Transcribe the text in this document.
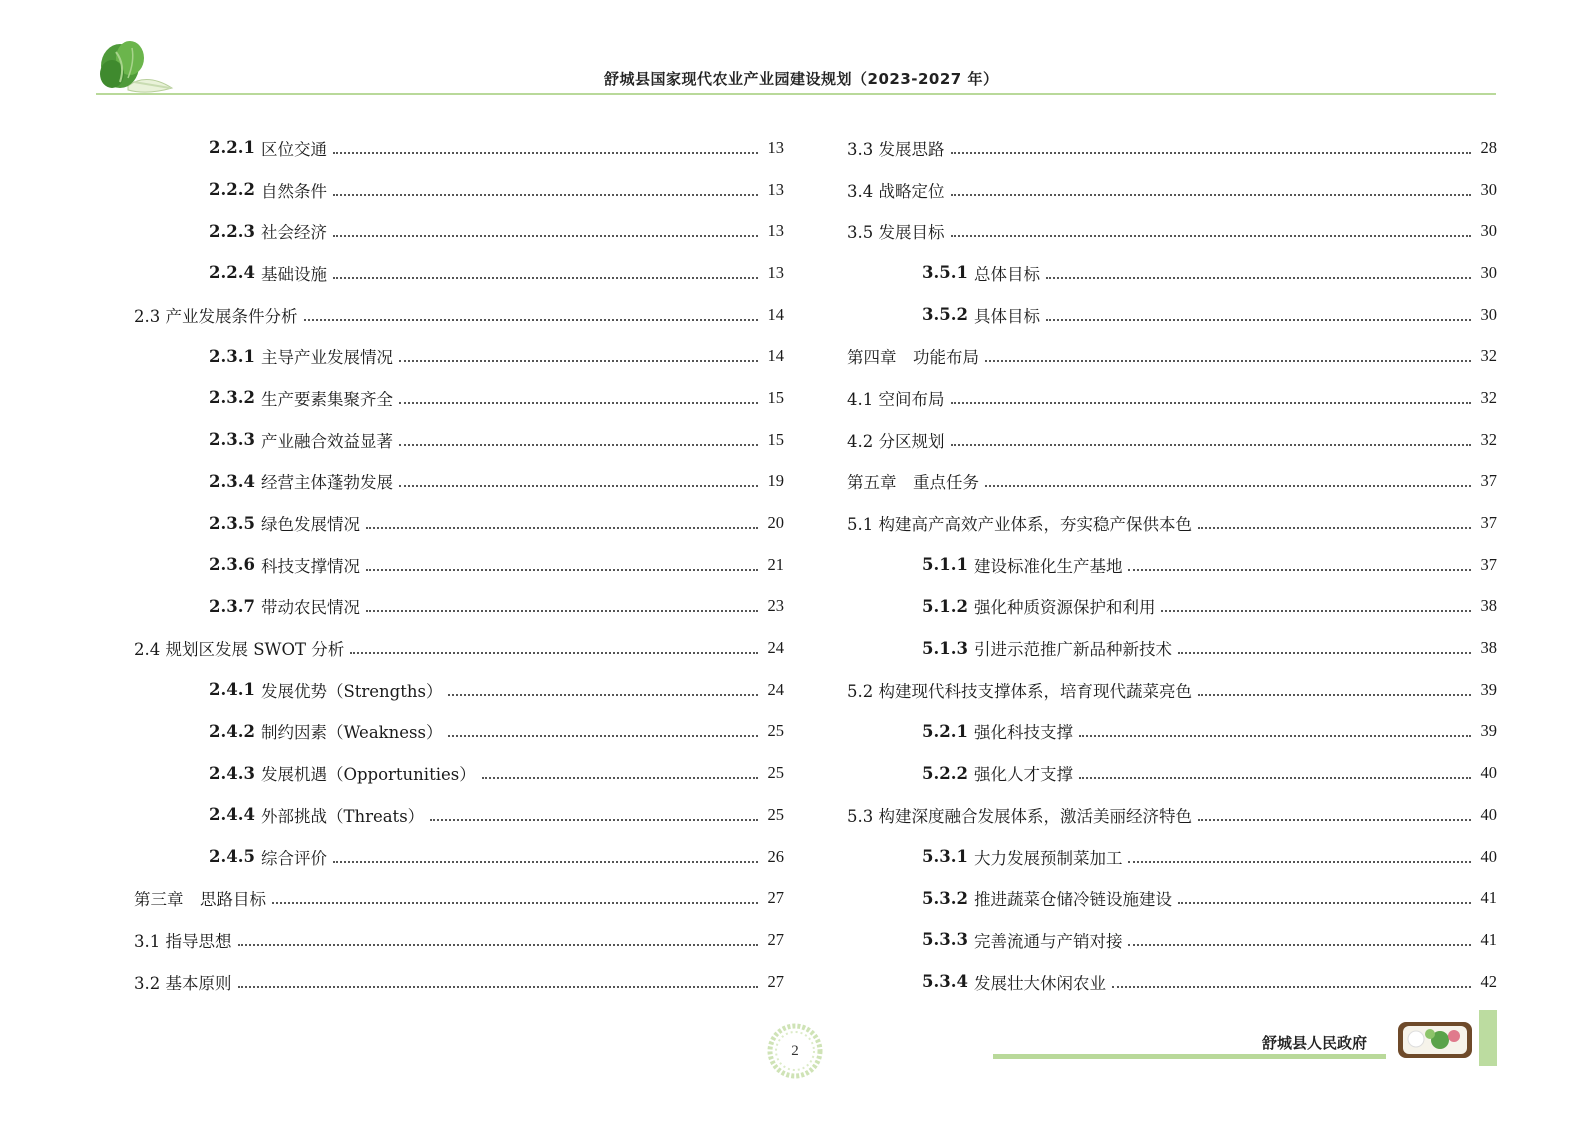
舒城县国家现代农业产业园建设规划（2023-2027 年）
2.2.1 区位交通	13
2.2.2 自然条件	13
2.2.3 社会经济	13
2.2.4 基础设施	13
2.3 产业发展条件分析	14
2.3.1 主导产业发展情况	14
2.3.2 生产要素集聚齐全	15
2.3.3 产业融合效益显著	15
2.3.4 经营主体蓬勃发展	19
2.3.5 绿色发展情况	20
2.3.6 科技支撑情况	21
2.3.7 带动农民情况	23
2.4 规划区发展 SWOT 分析	24
2.4.1 发展优势（Strengths）	24
2.4.2 制约因素（Weakness）	25
2.4.3 发展机遇（Opportunities）	25
2.4.4 外部挑战（Threats）	25
2.4.5 综合评价	26
第三章　思路目标	27
3.1 指导思想	27
3.2 基本原则	27
3.3 发展思路	28
3.4 战略定位	30
3.5 发展目标	30
3.5.1 总体目标	30
3.5.2 具体目标	30
第四章　功能布局	32
4.1 空间布局	32
4.2 分区规划	32
第五章　重点任务	37
5.1 构建高产高效产业体系，夯实稳产保供本色	37
5.1.1 建设标准化生产基地	37
5.1.2 强化种质资源保护和利用	38
5.1.3 引进示范推广新品种新技术	38
5.2 构建现代科技支撑体系，培育现代蔬菜亮色	39
5.2.1 强化科技支撑	39
5.2.2 强化人才支撑	40
5.3 构建深度融合发展体系，激活美丽经济特色	40
5.3.1 大力发展预制菜加工	40
5.3.2 推进蔬菜仓储冷链设施建设	41
5.3.3 完善流通与产销对接	41
5.3.4 发展壮大休闲农业	42
2	舒城县人民政府
